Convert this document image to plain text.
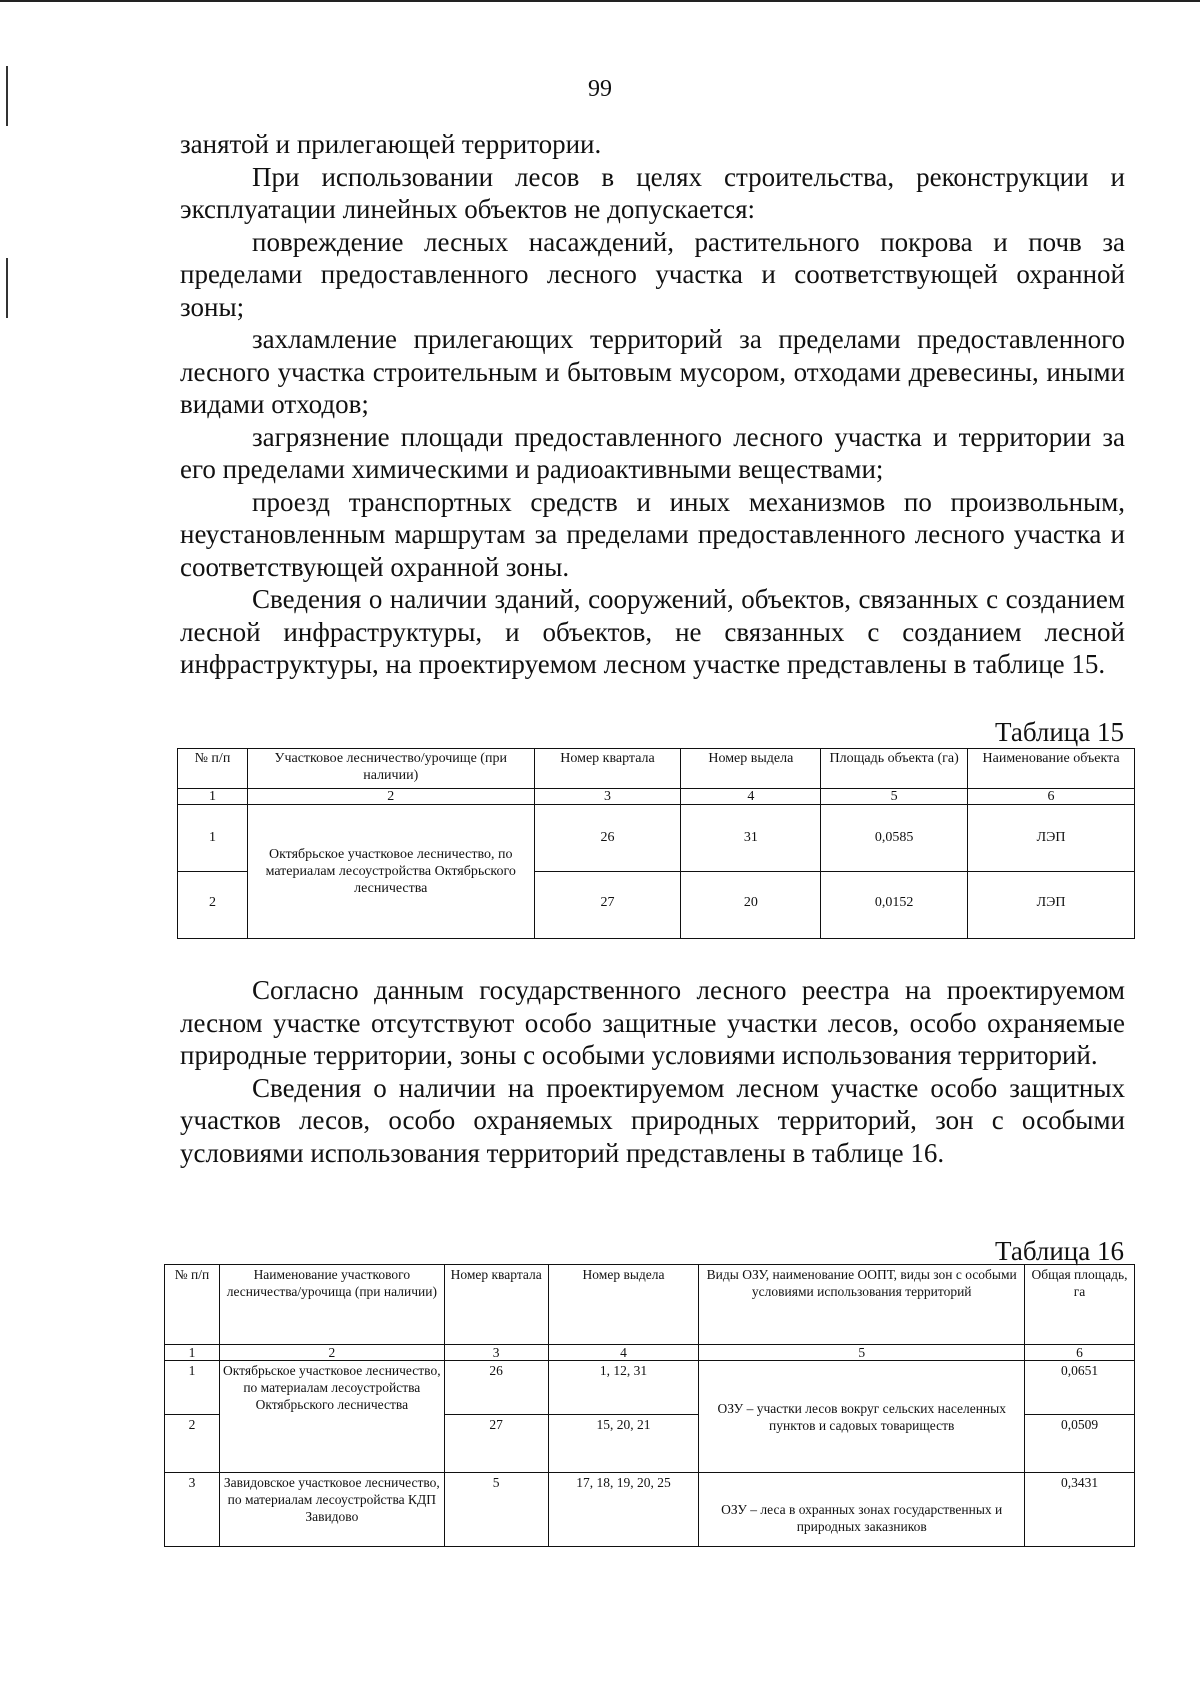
99

занятой и прилегающей территории.

При использовании лесов в целях строительства, реконструкции и эксплуатации линейных объектов не допускается:

повреждение лесных насаждений, растительного покрова и почв за пределами предоставленного лесного участка и соответствующей охранной зоны;

захламление прилегающих территорий за пределами предоставленного лесного участка строительным и бытовым мусором, отходами древесины, иными видами отходов;

загрязнение площади предоставленного лесного участка и территории за его пределами химическими и радиоактивными веществами;

проезд транспортных средств и иных механизмов по произвольным, неустановленным маршрутам за пределами предоставленного лесного участка и соответствующей охранной зоны.

Сведения о наличии зданий, сооружений, объектов, связанных с созданием лесной инфраструктуры, и объектов, не связанных с созданием лесной инфраструктуры, на проектируемом лесном участке представлены в таблице 15.

Таблица 15
№ п/п	Участковое лесничество/урочище (при наличии)	Номер квартала	Номер выдела	Площадь объекта (га)	Наименование объекта
1	2	3	4	5	6
1	Октябрьское участковое лесничество, по материалам лесоустройства Октябрьского лесничества	26	31	0,0585	ЛЭП
2		27	20	0,0152	ЛЭП

Согласно данным государственного лесного реестра на проектируемом лесном участке отсутствуют особо защитные участки лесов, особо охраняемые природные территории, зоны с особыми условиями использования территорий.

Сведения о наличии на проектируемом лесном участке особо защитных участков лесов, особо охраняемых природных территорий, зон с особыми условиями использования территорий представлены в таблице 16.

Таблица 16
№ п/п	Наименование участкового лесничества/урочища (при наличии)	Номер квартала	Номер выдела	Виды ОЗУ, наименование ООПТ, виды зон с особыми условиями использования территорий	Общая площадь, га
1	2	3	4	5	6
1	Октябрьское участковое лесничество, по материалам лесоустройства Октябрьского лесничества	26	1, 12, 31	ОЗУ – участки лесов вокруг сельских населенных пунктов и садовых товариществ	0,0651
2		27	15, 20, 21		0,0509
3	Завидовское участковое лесничество, по материалам лесоустройства КДП Завидово	5	17, 18, 19, 20, 25	ОЗУ – леса в охранных зонах государственных и природных заказников	0,3431
